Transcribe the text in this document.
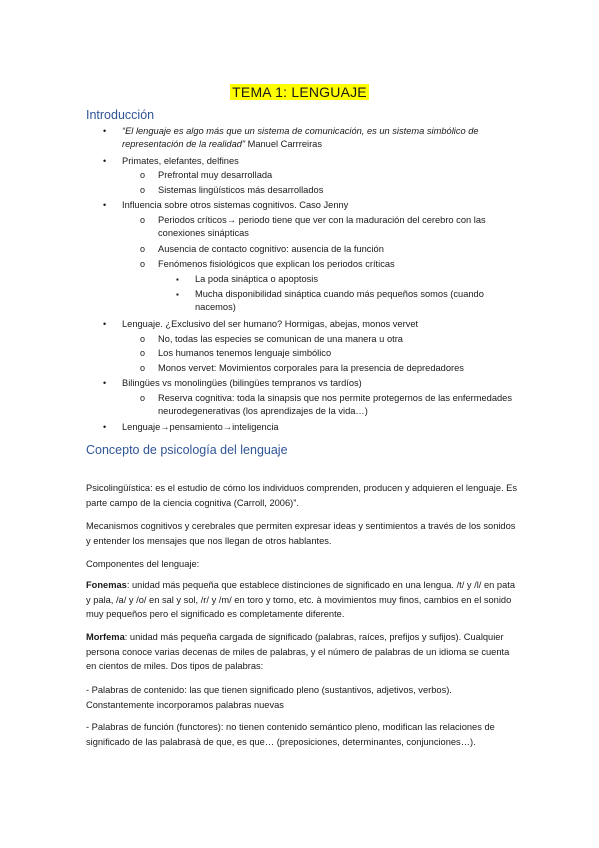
TEMA 1: LENGUAJE
Introducción
• “El lenguaje es algo más que un sistema de comunicación, es un sistema simbólico de representación de la realidad” Manuel Carrreiras
• Primates, elefantes, delfines
o Prefrontal muy desarrollada
o Sistemas lingüísticos más desarrollados
• Influencia sobre otros sistemas cognitivos. Caso Jenny
o Periodos críticos→ periodo tiene que ver con la maduración del cerebro con las conexiones sinápticas
o Ausencia de contacto cognitivo: ausencia de la función
o Fenómenos fisiológicos que explican los periodos críticas
▪ La poda sináptica o apoptosis
▪ Mucha disponibilidad sináptica cuando más pequeños somos (cuando nacemos)
• Lenguaje. ¿Exclusivo del ser humano? Hormigas, abejas, monos vervet
o No, todas las especies se comunican de una manera u otra
o Los humanos tenemos lenguaje simbólico
o Monos vervet: Movimientos corporales para la presencia de depredadores
• Bilingües vs monolingües (bilingües tempranos vs tardíos)
o Reserva cognitiva: toda la sinapsis que nos permite protegernos de las enfermedades neurodegenerativas (los aprendizajes de la vida…)
• Lenguaje→pensamiento→inteligencia
Concepto de psicología del lenguaje
Psicolingüística: es el estudio de cómo los individuos comprenden, producen y adquieren el lenguaje. Es parte campo de la ciencia cognitiva (Carroll, 2006)”.
Mecanismos cognitivos y cerebrales que permiten expresar ideas y sentimientos a través de los sonidos y entender los mensajes que nos llegan de otros hablantes.
Componentes del lenguaje:
Fonemas: unidad más pequeña que establece distinciones de significado en una lengua. /t/ y /l/ en pata y pala, /a/ y /o/ en sal y sol, /r/ y /m/ en toro y tomo, etc. à movimientos muy finos, cambios en el sonido muy pequeños pero el significado es completamente diferente.
Morfema: unidad más pequeña cargada de significado (palabras, raíces, prefijos y sufijos). Cualquier persona conoce varias decenas de miles de palabras, y el número de palabras de un idioma se cuenta en cientos de miles. Dos tipos de palabras:
- Palabras de contenido: las que tienen significado pleno (sustantivos, adjetivos, verbos). Constantemente incorporamos palabras nuevas
- Palabras de función (functores): no tienen contenido semántico pleno, modifican las relaciones de significado de las palabrasà de que, es que… (preposiciones, determinantes, conjunciones…).
